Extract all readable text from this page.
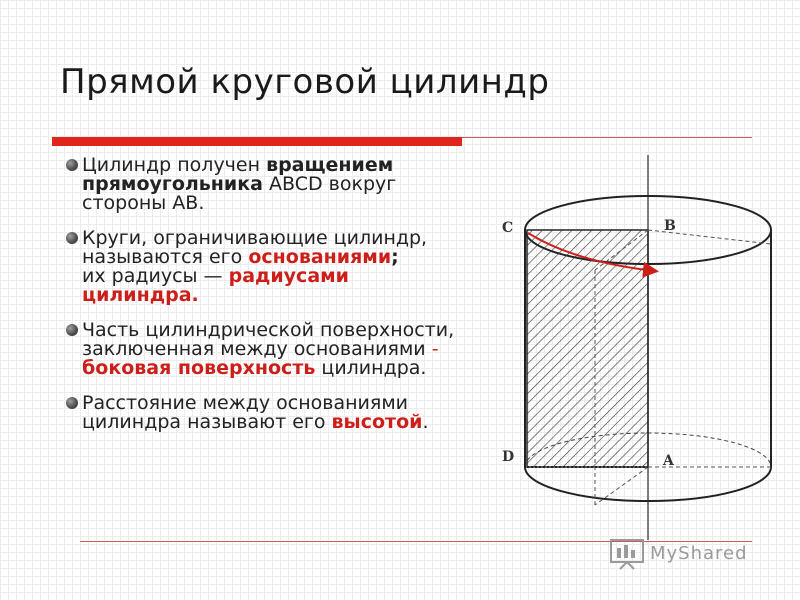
Прямой круговой цилиндр

Цилиндр получен вращением прямоугольника ABCD вокруг стороны AB.

Круги, ограничивающие цилиндр, называются его основаниями;
их радиусы — радиусами цилиндра.

Часть цилиндрической поверхности, заключенная между основаниями - боковая поверхность цилиндра.

Расстояние между основаниями цилиндра называют его высотой.

C	B
D	A
MyShared
